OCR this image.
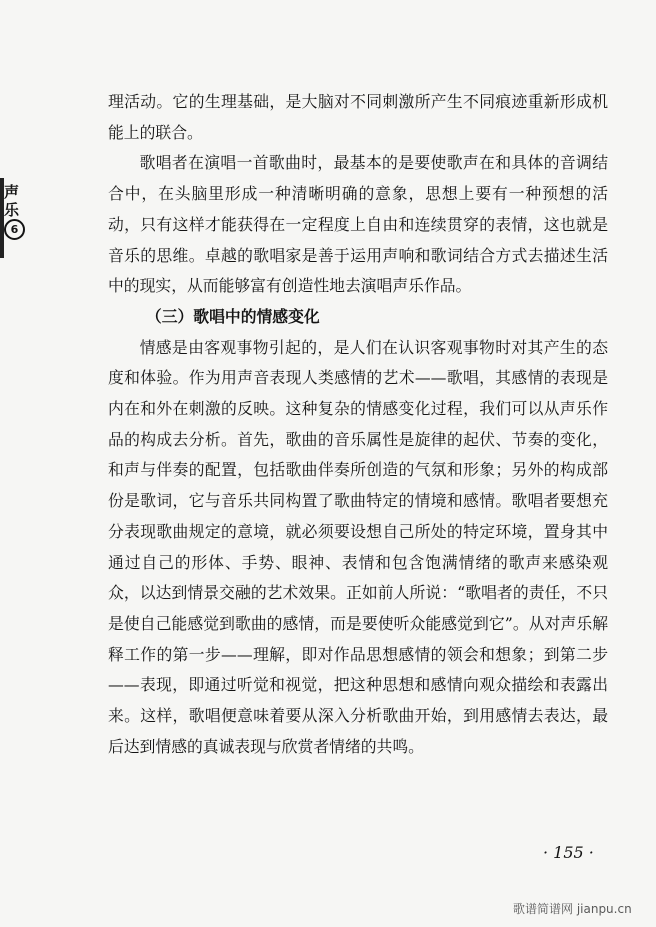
声
乐
6

理活动。它的生理基础，是大脑对不同刺激所产生不同痕迹重新形成机能上的联合。

歌唱者在演唱一首歌曲时，最基本的是要使歌声在和具体的音调结合中，在头脑里形成一种清晰明确的意象，思想上要有一种预想的活动，只有这样才能获得在一定程度上自由和连续贯穿的表情，这也就是音乐的思维。卓越的歌唱家是善于运用声响和歌词结合方式去描述生活中的现实，从而能够富有创造性地去演唱声乐作品。

（三）歌唱中的情感变化

情感是由客观事物引起的，是人们在认识客观事物时对其产生的态度和体验。作为用声音表现人类感情的艺术——歌唱，其感情的表现是内在和外在刺激的反映。这种复杂的情感变化过程，我们可以从声乐作品的构成去分析。首先，歌曲的音乐属性是旋律的起伏、节奏的变化，和声与伴奏的配置，包括歌曲伴奏所创造的气氛和形象；另外的构成部份是歌词，它与音乐共同构置了歌曲特定的情境和感情。歌唱者要想充分表现歌曲规定的意境，就必须要设想自己所处的特定环境，置身其中通过自己的形体、手势、眼神、表情和包含饱满情绪的歌声来感染观众，以达到情景交融的艺术效果。正如前人所说：“歌唱者的责任，不只是使自己能感觉到歌曲的感情，而是要使听众能感觉到它”。从对声乐解释工作的第一步——理解，即对作品思想感情的领会和想象；到第二步——表现，即通过听觉和视觉，把这种思想和感情向观众描绘和表露出来。这样，歌唱便意味着要从深入分析歌曲开始，到用感情去表达，最后达到情感的真诚表现与欣赏者情绪的共鸣。

· 155 ·
歌谱简谱网 jianpu.cn
